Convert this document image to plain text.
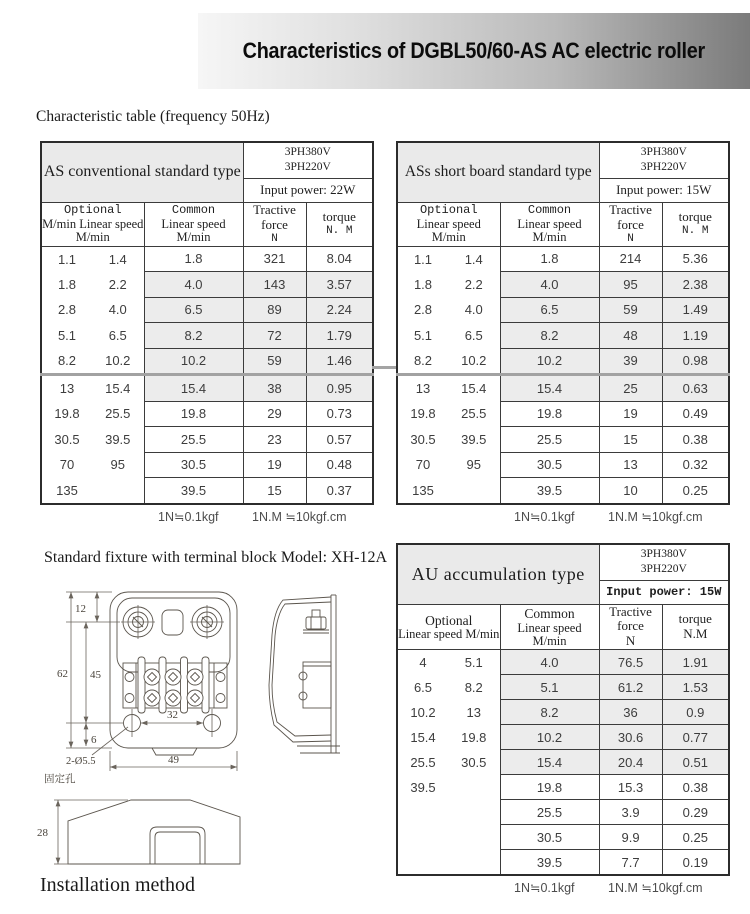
Characteristics of DGBL50/60-AS AC electric roller
Characteristic table (frequency 50Hz)
AS conventional standard type			3PH380V
3PH220V	
			Input power: 22W	

Optional
M/min Linear speed
M/min

Common
Linear speed
M/min

Tractive force
N

torque
N. M

1.1	1.4	1.8	321	8.04
1.8	2.2	4.0	143	3.57
2.8	4.0	6.5	89	2.24
5.1	6.5	8.2	72	1.79
8.2	10.2	10.2	59	1.46
13	15.4	15.4	38	0.95
19.8	25.5	19.8	29	0.73
30.5	39.5	25.5	23	0.57
70	95	30.5	19	0.48
135		39.5	15	0.37
1N≒0.1kgf	1N.M ≒10kgf.cm
ASs short board standard type			3PH380V
3PH220V	
			Input power: 15W	

Optional
Linear speed
M/min

Common
Linear speed M/min

Tractive force
N

torque
N. M

1.1	1.4	1.8	214	5.36
1.8	2.2	4.0	95	2.38
2.8	4.0	6.5	59	1.49
5.1	6.5	8.2	48	1.19
8.2	10.2	10.2	39	0.98
13	15.4	15.4	25	0.63
19.8	25.5	19.8	19	0.49
30.5	39.5	25.5	15	0.38
70	95	30.5	13	0.32
135		39.5	10	0.25
1N≒0.1kgf	1N.M ≒10kgf.cm
AU accumulation type			3PH380V
3PH220V	
			Input power: 15W	

Optional
Linear speed M/min

Common
Linear speed M/min

Tractive force
N

torque
N.M

4	5.1	4.0	76.5	1.91
6.5	8.2	5.1	61.2	1.53
10.2	13	8.2	36	0.9
15.4	19.8	10.2	30.6	0.77
25.5	30.5	15.4	20.4	0.51
39.5		19.8	15.3	0.38
		25.5	3.9	0.29
		30.5	9.9	0.25
		39.5	7.7	0.19
1N≒0.1kgf	1N.M ≒10kgf.cm
Standard fixture with terminal block Model: XH-12A
62 45
12
6
32
49
2-Ø5.5
固定孔
28
Installation method
